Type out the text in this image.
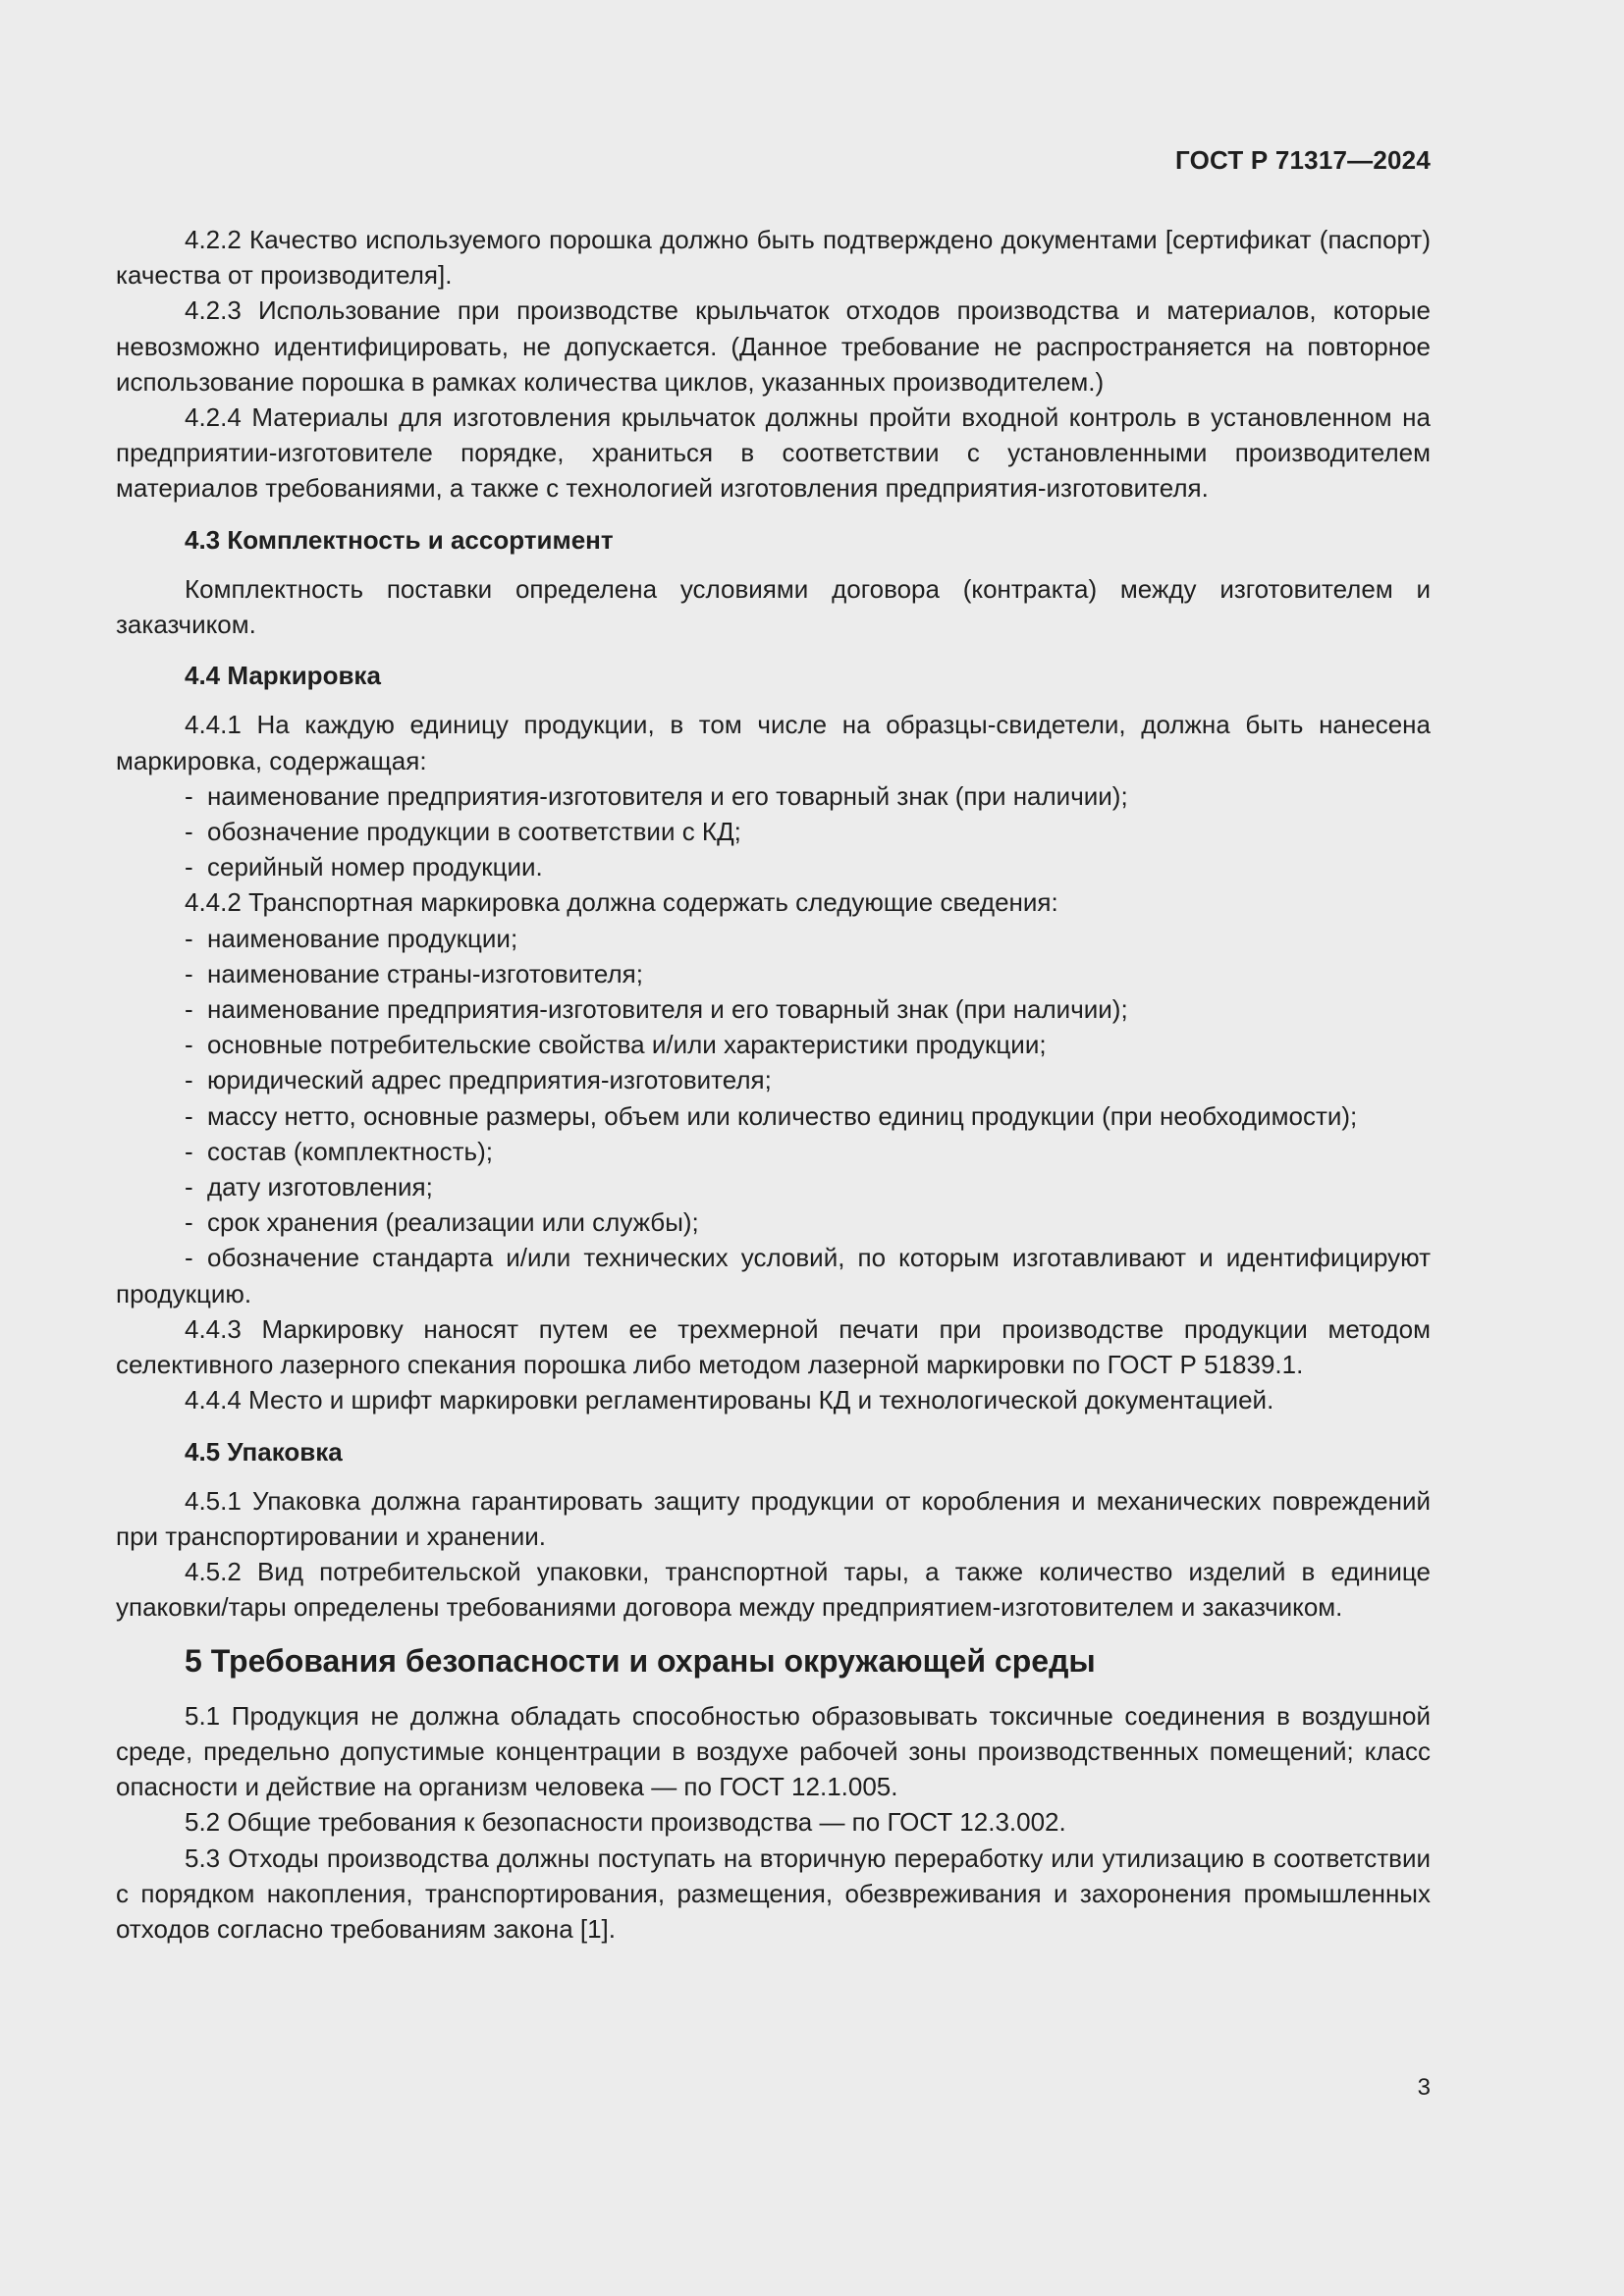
ГОСТ Р 71317—2024

4.2.2 Качество используемого порошка должно быть подтверждено документами [сертификат (паспорт) качества от производителя].

4.2.3 Использование при производстве крыльчаток отходов производства и материалов, которые невозможно идентифицировать, не допускается. (Данное требование не распространяется на повторное использование порошка в рамках количества циклов, указанных производителем.)

4.2.4 Материалы для изготовления крыльчаток должны пройти входной контроль в установленном на предприятии-изготовителе порядке, храниться в соответствии с установленными производителем материалов требованиями, а также с технологией изготовления предприятия-изготовителя.

4.3 Комплектность и ассортимент

Комплектность поставки определена условиями договора (контракта) между изготовителем и заказчиком.

4.4 Маркировка

4.4.1 На каждую единицу продукции, в том числе на образцы-свидетели, должна быть нанесена маркировка, содержащая:

- наименование предприятия-изготовителя и его товарный знак (при наличии);

- обозначение продукции в соответствии с КД;

- серийный номер продукции.

4.4.2 Транспортная маркировка должна содержать следующие сведения:

- наименование продукции;

- наименование страны-изготовителя;

- наименование предприятия-изготовителя и его товарный знак (при наличии);

- основные потребительские свойства и/или характеристики продукции;

- юридический адрес предприятия-изготовителя;

- массу нетто, основные размеры, объем или количество единиц продукции (при необходимости);

- состав (комплектность);

- дату изготовления;

- срок хранения (реализации или службы);

- обозначение стандарта и/или технических условий, по которым изготавливают и идентифицируют продукцию.

4.4.3 Маркировку наносят путем ее трехмерной печати при производстве продукции методом селективного лазерного спекания порошка либо методом лазерной маркировки по ГОСТ Р 51839.1.

4.4.4 Место и шрифт маркировки регламентированы КД и технологической документацией.

4.5 Упаковка

4.5.1 Упаковка должна гарантировать защиту продукции от коробления и механических повреждений при транспортировании и хранении.

4.5.2 Вид потребительской упаковки, транспортной тары, а также количество изделий в единице упаковки/тары определены требованиями договора между предприятием-изготовителем и заказчиком.

5 Требования безопасности и охраны окружающей среды

5.1 Продукция не должна обладать способностью образовывать токсичные соединения в воздушной среде, предельно допустимые концентрации в воздухе рабочей зоны производственных помещений; класс опасности и действие на организм человека — по ГОСТ 12.1.005.

5.2 Общие требования к безопасности производства — по ГОСТ 12.3.002.

5.3 Отходы производства должны поступать на вторичную переработку или утилизацию в соответствии с порядком накопления, транспортирования, размещения, обезвреживания и захоронения промышленных отходов согласно требованиям закона [1].

3
